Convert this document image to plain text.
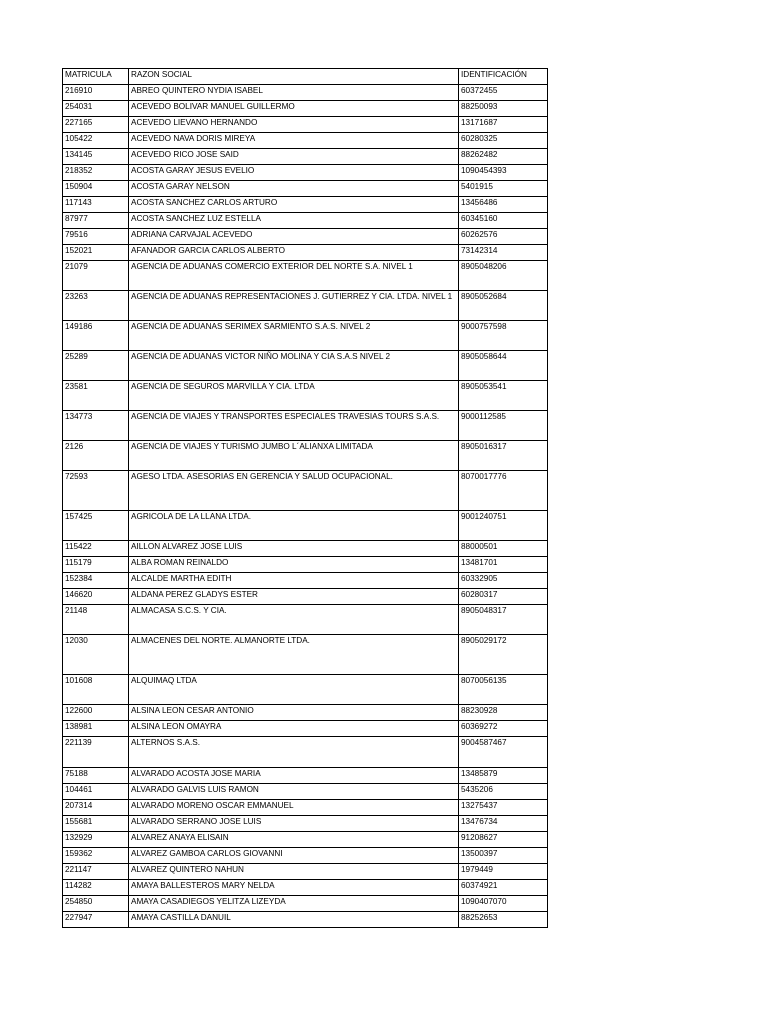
MATRICULA	RAZON SOCIAL	IDENTIFICACIÓN
216910	ABREO QUINTERO NYDIA ISABEL	60372455
254031	ACEVEDO BOLIVAR MANUEL GUILLERMO	88250093
227165	ACEVEDO LIEVANO HERNANDO	13171687
105422	ACEVEDO NAVA DORIS MIREYA	60280325
134145	ACEVEDO RICO JOSE SAID	88262482
218352	ACOSTA GARAY JESUS EVELIO	1090454393
150904	ACOSTA GARAY NELSON	5401915
117143	ACOSTA SANCHEZ CARLOS ARTURO	13456486
87977	ACOSTA SANCHEZ LUZ ESTELLA	60345160
79516	ADRIANA CARVAJAL ACEVEDO	60262576
152021	AFANADOR GARCIA CARLOS ALBERTO	73142314
21079	AGENCIA DE ADUANAS COMERCIO EXTERIOR DEL NORTE S.A. NIVEL 1	8905048206
23263	AGENCIA DE ADUANAS REPRESENTACIONES J. GUTIERREZ Y CIA. LTDA. NIVEL 1	8905052684
149186	AGENCIA DE ADUANAS SERIMEX SARMIENTO S.A.S. NIVEL 2	9000757598
25289	AGENCIA DE ADUANAS VICTOR NIÑO MOLINA Y CIA S.A.S NIVEL 2	8905058644
23581	AGENCIA DE SEGUROS MARVILLA Y CIA. LTDA	8905053541
134773	AGENCIA DE VIAJES Y TRANSPORTES ESPECIALES TRAVESIAS TOURS S.A.S.	9000112585
2126	AGENCIA DE VIAJES Y TURISMO JUMBO L´ALIANXA LIMITADA	8905016317
72593	AGESO LTDA. ASESORIAS EN GERENCIA Y SALUD OCUPACIONAL.	8070017776
157425	AGRICOLA DE LA LLANA LTDA.	9001240751
115422	AILLON ALVAREZ JOSE LUIS	88000501
115179	ALBA ROMAN REINALDO	13481701
152384	ALCALDE MARTHA EDITH	60332905
146620	ALDANA PEREZ GLADYS ESTER	60280317
21148	ALMACASA S.C.S. Y CIA.	8905048317
12030	ALMACENES DEL NORTE. ALMANORTE LTDA.	8905029172
101608	ALQUIMAQ LTDA	8070056135
122600	ALSINA LEON CESAR ANTONIO	88230928
138981	ALSINA LEON OMAYRA	60369272
221139	ALTERNOS S.A.S.	9004587467
75188	ALVARADO ACOSTA JOSE MARIA	13485879
104461	ALVARADO GALVIS LUIS RAMON	5435206
207314	ALVARADO MORENO OSCAR EMMANUEL	13275437
155681	ALVARADO SERRANO JOSE LUIS	13476734
132929	ALVAREZ ANAYA ELISAIN	91208627
159362	ALVAREZ GAMBOA CARLOS GIOVANNI	13500397
221147	ALVAREZ QUINTERO NAHUN	1979449
114282	AMAYA BALLESTEROS MARY NELDA	60374921
254850	AMAYA CASADIEGOS YELITZA LIZEYDA	1090407070
227947	AMAYA CASTILLA DANUIL	88252653
